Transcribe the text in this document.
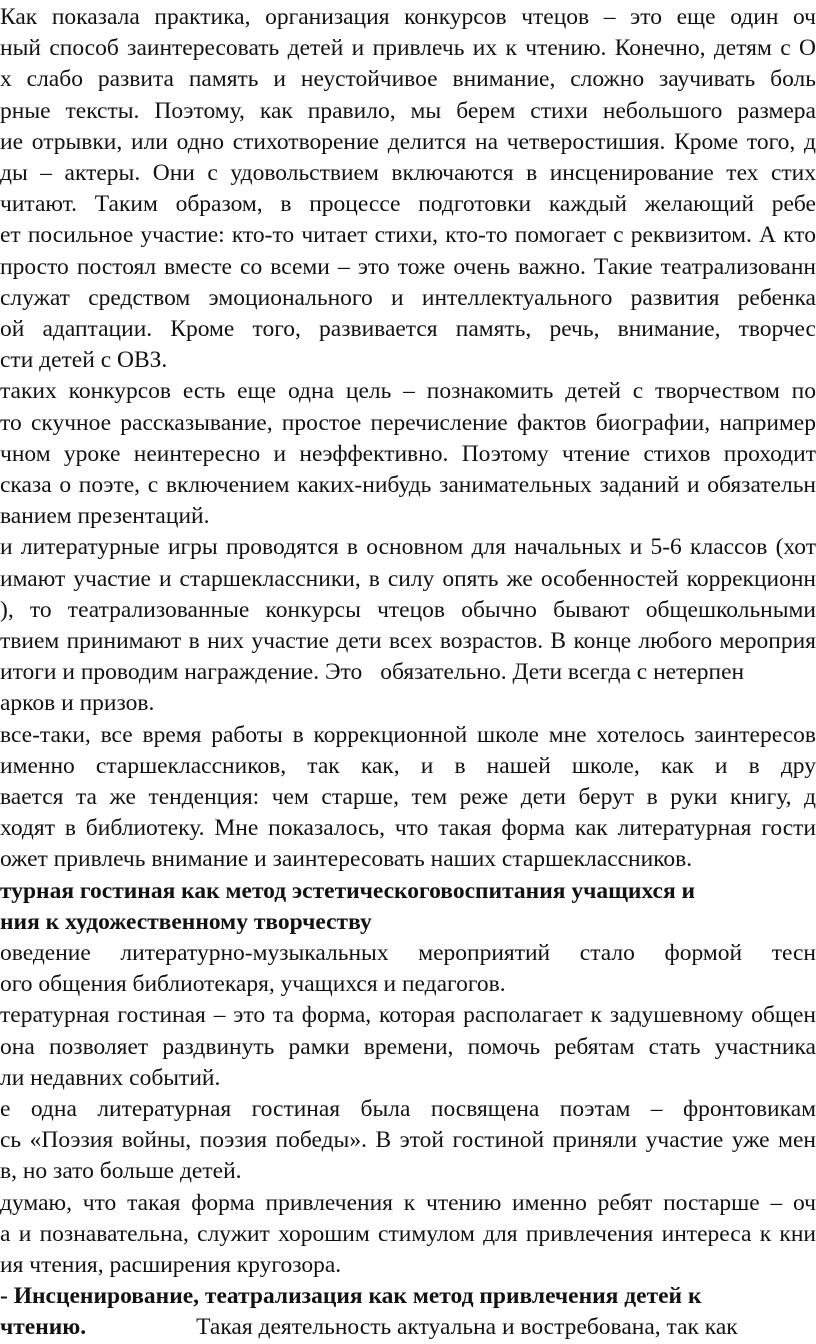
Как показала практика, организация конкурсов чтецов – это еще один оч
ный способ заинтересовать детей и привлечь их к чтению. Конечно, детям с О
х слабо развита память и неустойчивое внимание, сложно заучивать боль
рные тексты. Поэтому, как правило, мы берем стихи небольшого размера
ие отрывки, или одно стихотворение делится на четверостишия. Кроме того, д
ды – актеры. Они с удовольствием включаются в инсценирование тех стих
читают. Таким образом, в процессе подготовки каждый желающий ребе
ет посильное участие: кто-то читает стихи, кто-то помогает с реквизитом. А кто
просто постоял вместе со всеми – это тоже очень важно. Такие театрализованн
служат средством эмоционального и интеллектуального развития ребенка
ой адаптации. Кроме того, развивается память, речь, внимание, творчес
сти детей с ОВЗ.
таких конкурсов есть еще одна цель – познакомить детей с творчеством по
то скучное рассказывание, простое перечисление фактов биографии, например
чном уроке неинтересно и неэффективно. Поэтому чтение стихов проходит
сказа о поэте, с включением каких-нибудь занимательных заданий и обязательн
ванием презентаций.
и литературные игры проводятся в основном для начальных и 5-6 классов (хот
имают участие и старшеклассники, в силу опять же особенностей коррекционн
), то театрализованные конкурсы чтецов обычно бывают общешкольными
твием принимают в них участие дети всех возрастов. В конце любого мероприя
итоги и проводим награждение. Это обязательно. Дети всегда с нетерпен
арков и призов.
все-таки, все время работы в коррекционной школе мне хотелось заинтересов
именно старшеклассников, так как, и в нашей школе, как и в дру
вается та же тенденция: чем старше, тем реже дети берут в руки книгу, д
ходят в библиотеку. Мне показалось, что такая форма как литературная гости
ожет привлечь внимание и заинтересовать наших старшеклассников.
турная гостиная как метод эстетическоговоспитания учащихся и
ния к художественному творчеству
оведение литературно-музыкальных мероприятий стало формой тесн
ого общения библиотекаря, учащихся и педагогов.
тературная гостиная – это та форма, которая располагает к задушевному общен
она позволяет раздвинуть рамки времени, помочь ребятам стать участника
ли недавних событий.
е одна литературная гостиная была посвящена поэтам – фронтовикам
сь «Поэзия войны, поэзия победы». В этой гостиной приняли участие уже мен
в, но зато больше детей.
думаю, что такая форма привлечения к чтению именно ребят постарше – оч
а и познавательна, служит хорошим стимулом для привлечения интереса к кни
ия чтения, расширения кругозора.
- Инсценирование, театрализация как метод привлечения детей к
чтению.	Такая деятельность актуальна и востребована, так как
